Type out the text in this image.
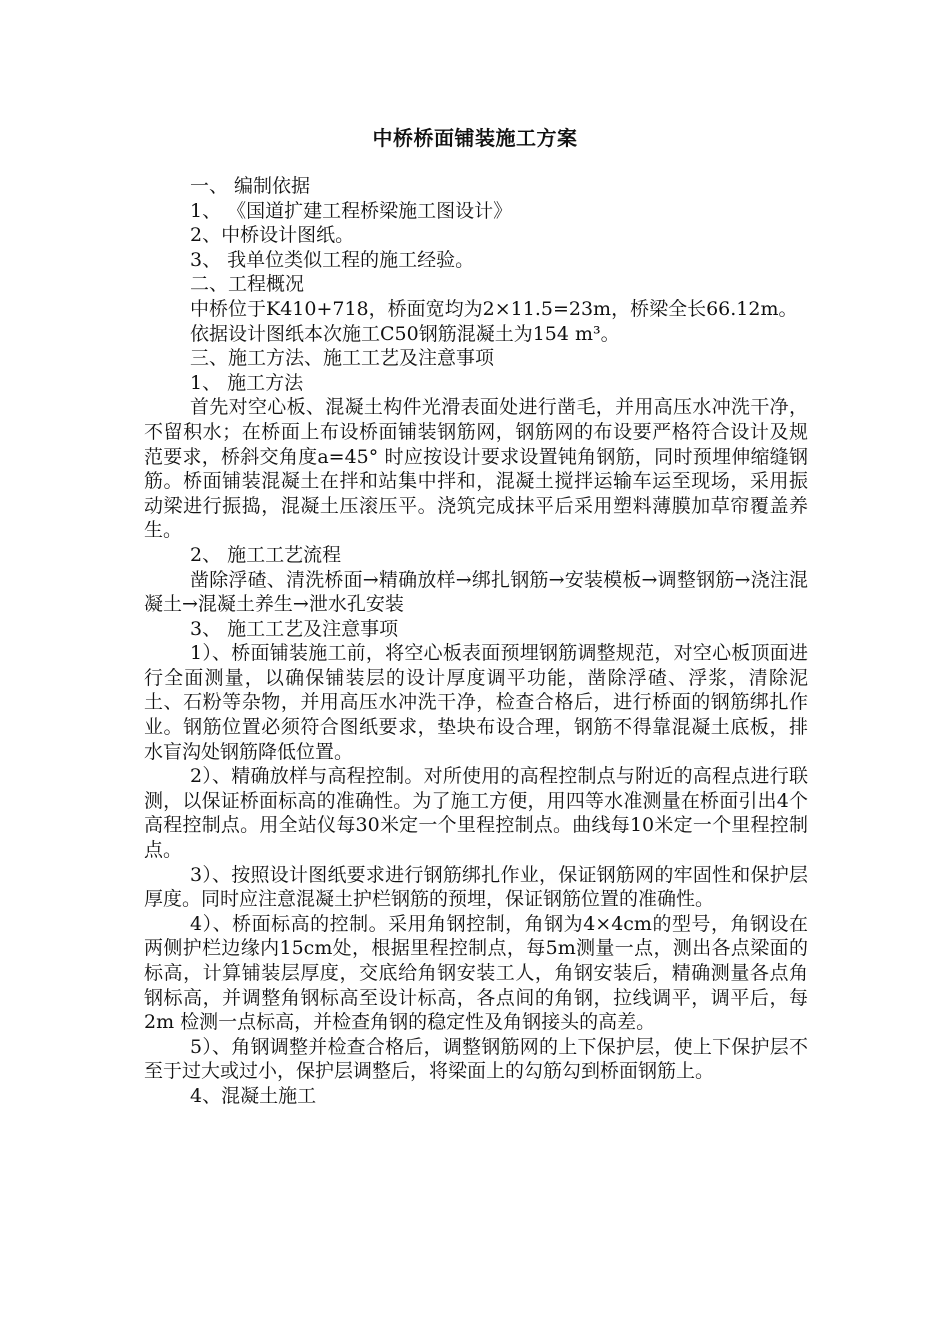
中桥桥面铺装施工方案

一、 编制依据

1、 《国道扩建工程桥梁施工图设计》

2、中桥设计图纸。

3、 我单位类似工程的施工经验。

二、工程概况

中桥位于K410+718，桥面宽均为2×11.5=23m，桥梁全长66.12m。

依据设计图纸本次施工C50钢筋混凝土为154 m³。

三、施工方法、施工工艺及注意事项

1、 施工方法

首先对空心板、混凝土构件光滑表面处进行凿毛，并用高压水冲洗干净，不留积水；在桥面上布设桥面铺装钢筋网，钢筋网的布设要严格符合设计及规范要求，桥斜交角度a=45° 时应按设计要求设置钝角钢筋，同时预埋伸缩缝钢筋。桥面铺装混凝土在拌和站集中拌和，混凝土搅拌运输车运至现场，采用振动梁进行振捣，混凝土压滚压平。浇筑完成抹平后采用塑料薄膜加草帘覆盖养生。

2、 施工工艺流程

凿除浮碴、清洗桥面→精确放样→绑扎钢筋→安装模板→调整钢筋→浇注混凝土→混凝土养生→泄水孔安装

3、 施工工艺及注意事项

1）、桥面铺装施工前，将空心板表面预埋钢筋调整规范，对空心板顶面进行全面测量，以确保铺装层的设计厚度调平功能，凿除浮碴、浮浆，清除泥土、石粉等杂物，并用高压水冲洗干净，检查合格后，进行桥面的钢筋绑扎作业。钢筋位置必须符合图纸要求，垫块布设合理，钢筋不得靠混凝土底板，排水盲沟处钢筋降低位置。

2）、精确放样与高程控制。对所使用的高程控制点与附近的高程点进行联测，以保证桥面标高的准确性。为了施工方便，用四等水准测量在桥面引出4个高程控制点。用全站仪每30米定一个里程控制点。曲线每10米定一个里程控制点。

3）、按照设计图纸要求进行钢筋绑扎作业，保证钢筋网的牢固性和保护层厚度。同时应注意混凝土护栏钢筋的预埋，保证钢筋位置的准确性。

4）、桥面标高的控制。采用角钢控制，角钢为4×4cm的型号，角钢设在两侧护栏边缘内15cm处，根据里程控制点，每5m测量一点，测出各点梁面的标高，计算铺装层厚度，交底给角钢安装工人，角钢安装后，精确测量各点角钢标高，并调整角钢标高至设计标高，各点间的角钢，拉线调平，调平后，每2m 检测一点标高，并检查角钢的稳定性及角钢接头的高差。

5）、角钢调整并检查合格后，调整钢筋网的上下保护层，使上下保护层不至于过大或过小，保护层调整后，将梁面上的勾筋勾到桥面钢筋上。

4、混凝土施工
